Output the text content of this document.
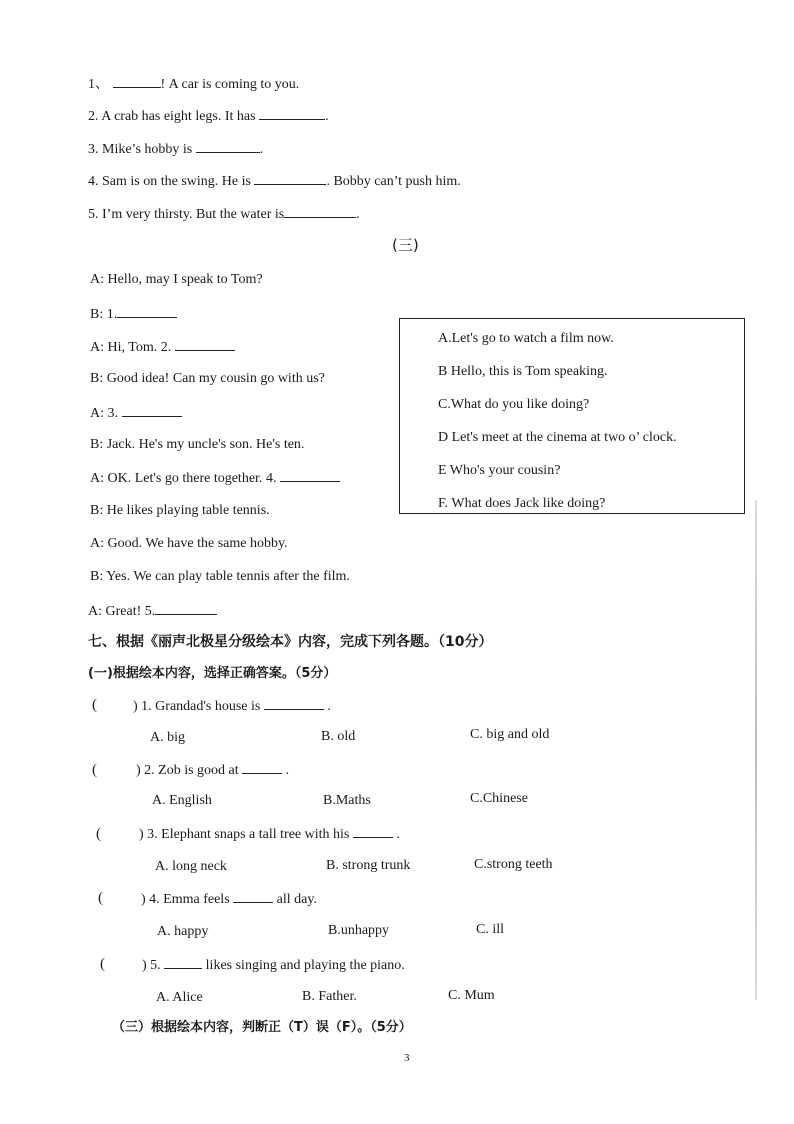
1、	! A car is coming to you.
2. A crab has eight legs. It has	.
3. Mike’s hobby is	.
4. Sam is on the swing. He is	. Bobby can’t push him.
5. I’m very thirsty. But the water is	.
(三)
A: Hello, may I speak to Tom?
B: 1.
A: Hi, Tom. 2.
B: Good idea! Can my cousin go with us?
A: 3.
B: Jack. He's my uncle's son. He's ten.
A: OK. Let's go there together. 4.
B: He likes playing table tennis.
A: Good. We have the same hobby.
B: Yes. We can play table tennis after the film.
A: Great! 5.
A.Let's go to watch a film now.
B Hello, this is Tom speaking.
C.What do you like doing?
D Let's meet at the cinema at two o’ clock.
E Who's your cousin?
F. What does Jack like doing?
七、根据《丽声北极星分级绘本》内容，完成下列各题。（10分）
(一)根据绘本内容，选择正确答案。（5分）
(	) 1. Grandad's house is	.
A. big	B. old	C. big and old
(	) 2. Zob is good at	.
A. English	B.Maths	C.Chinese
(	) 3. Elephant snaps a tall tree with his	.
A. long neck	B. strong trunk	C.strong teeth
(	) 4. Emma feels	all day.
A. happy	B.unhappy	C. ill
(	) 5.	likes singing and playing the piano.
A. Alice	B. Father.	C. Mum
（三）根据绘本内容，判断正（T）误（F）。（5分）
3
